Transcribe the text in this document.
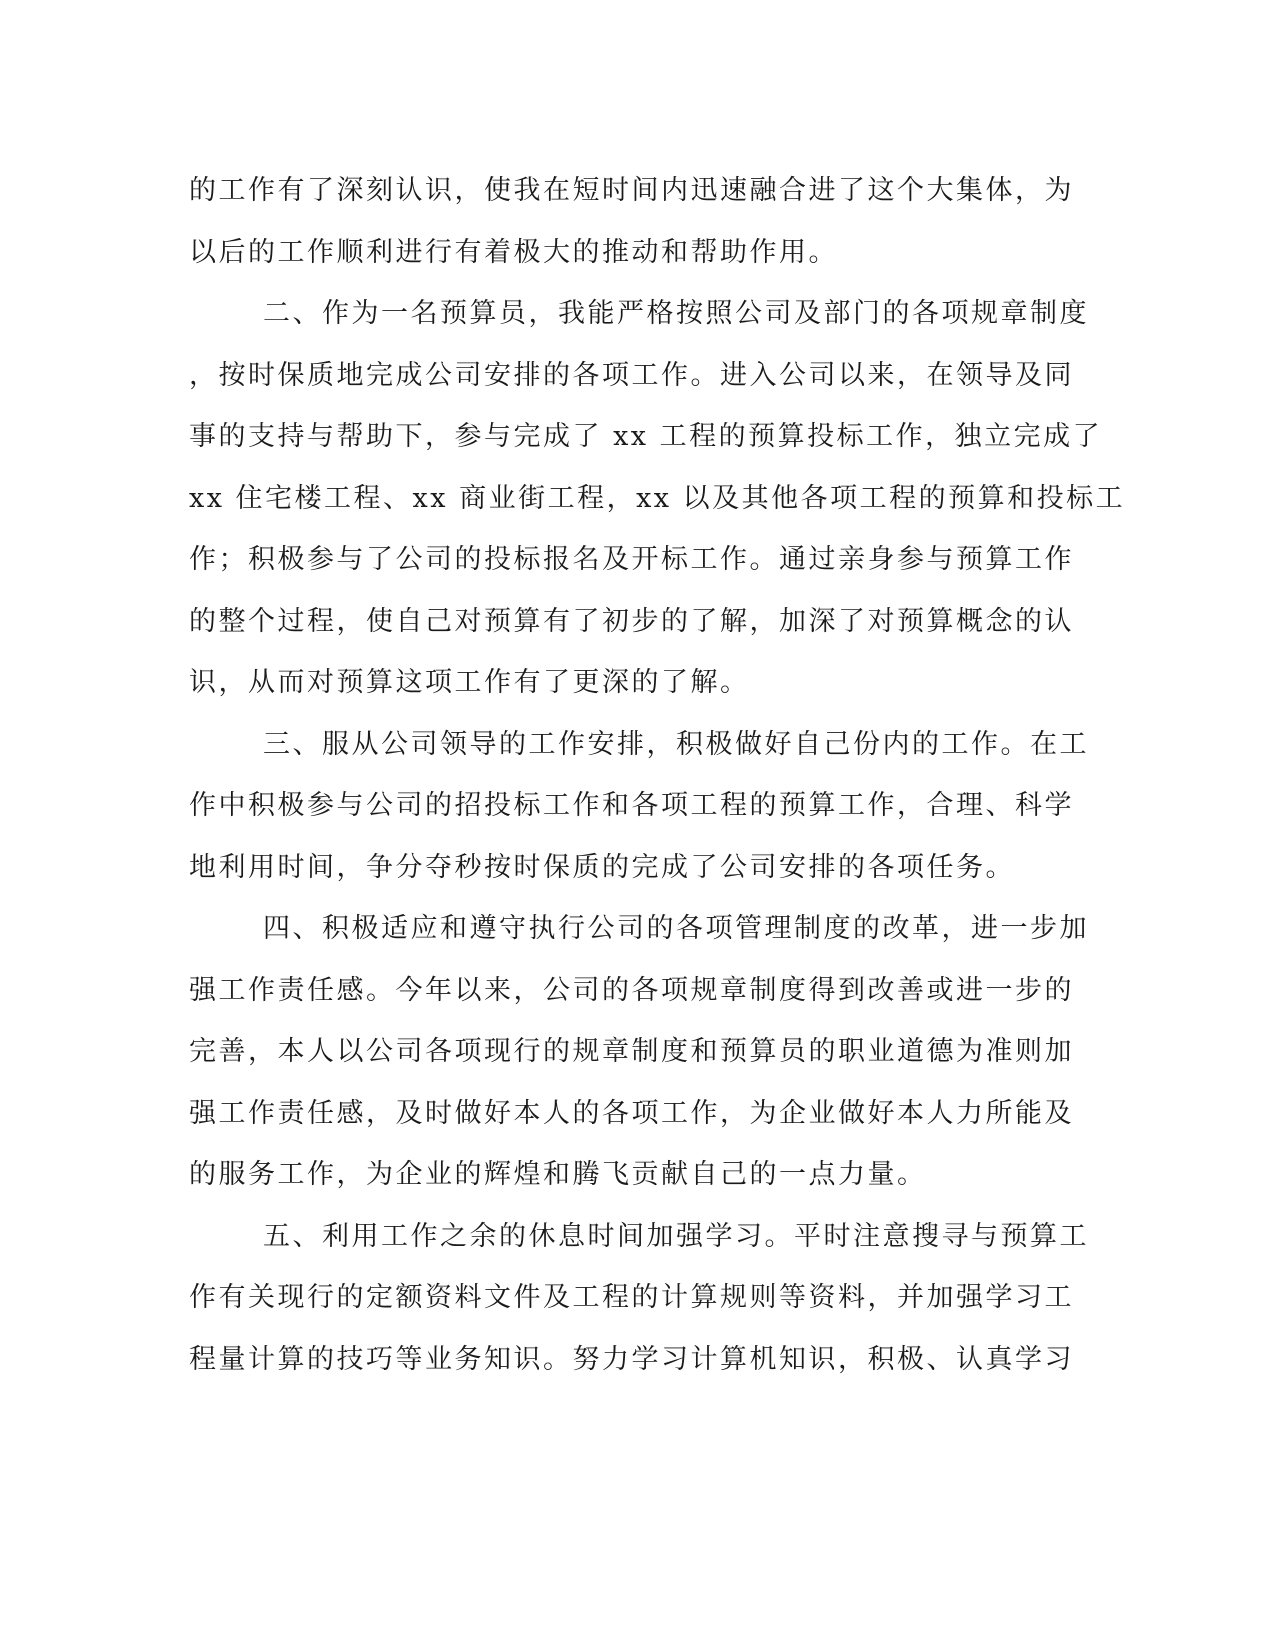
的工作有了深刻认识，使我在短时间内迅速融合进了这个大集体，为
以后的工作顺利进行有着极大的推动和帮助作用。
二、作为一名预算员，我能严格按照公司及部门的各项规章制度
，按时保质地完成公司安排的各项工作。进入公司以来，在领导及同
事的支持与帮助下，参与完成了 xx 工程的预算投标工作，独立完成了
xx 住宅楼工程、xx 商业街工程，xx 以及其他各项工程的预算和投标工
作；积极参与了公司的投标报名及开标工作。通过亲身参与预算工作
的整个过程，使自己对预算有了初步的了解，加深了对预算概念的认
识，从而对预算这项工作有了更深的了解。
三、服从公司领导的工作安排，积极做好自己份内的工作。在工
作中积极参与公司的招投标工作和各项工程的预算工作，合理、科学
地利用时间，争分夺秒按时保质的完成了公司安排的各项任务。
四、积极适应和遵守执行公司的各项管理制度的改革，进一步加
强工作责任感。今年以来，公司的各项规章制度得到改善或进一步的
完善，本人以公司各项现行的规章制度和预算员的职业道德为准则加
强工作责任感，及时做好本人的各项工作，为企业做好本人力所能及
的服务工作，为企业的辉煌和腾飞贡献自己的一点力量。
五、利用工作之余的休息时间加强学习。平时注意搜寻与预算工
作有关现行的定额资料文件及工程的计算规则等资料，并加强学习工
程量计算的技巧等业务知识。努力学习计算机知识，积极、认真学习
